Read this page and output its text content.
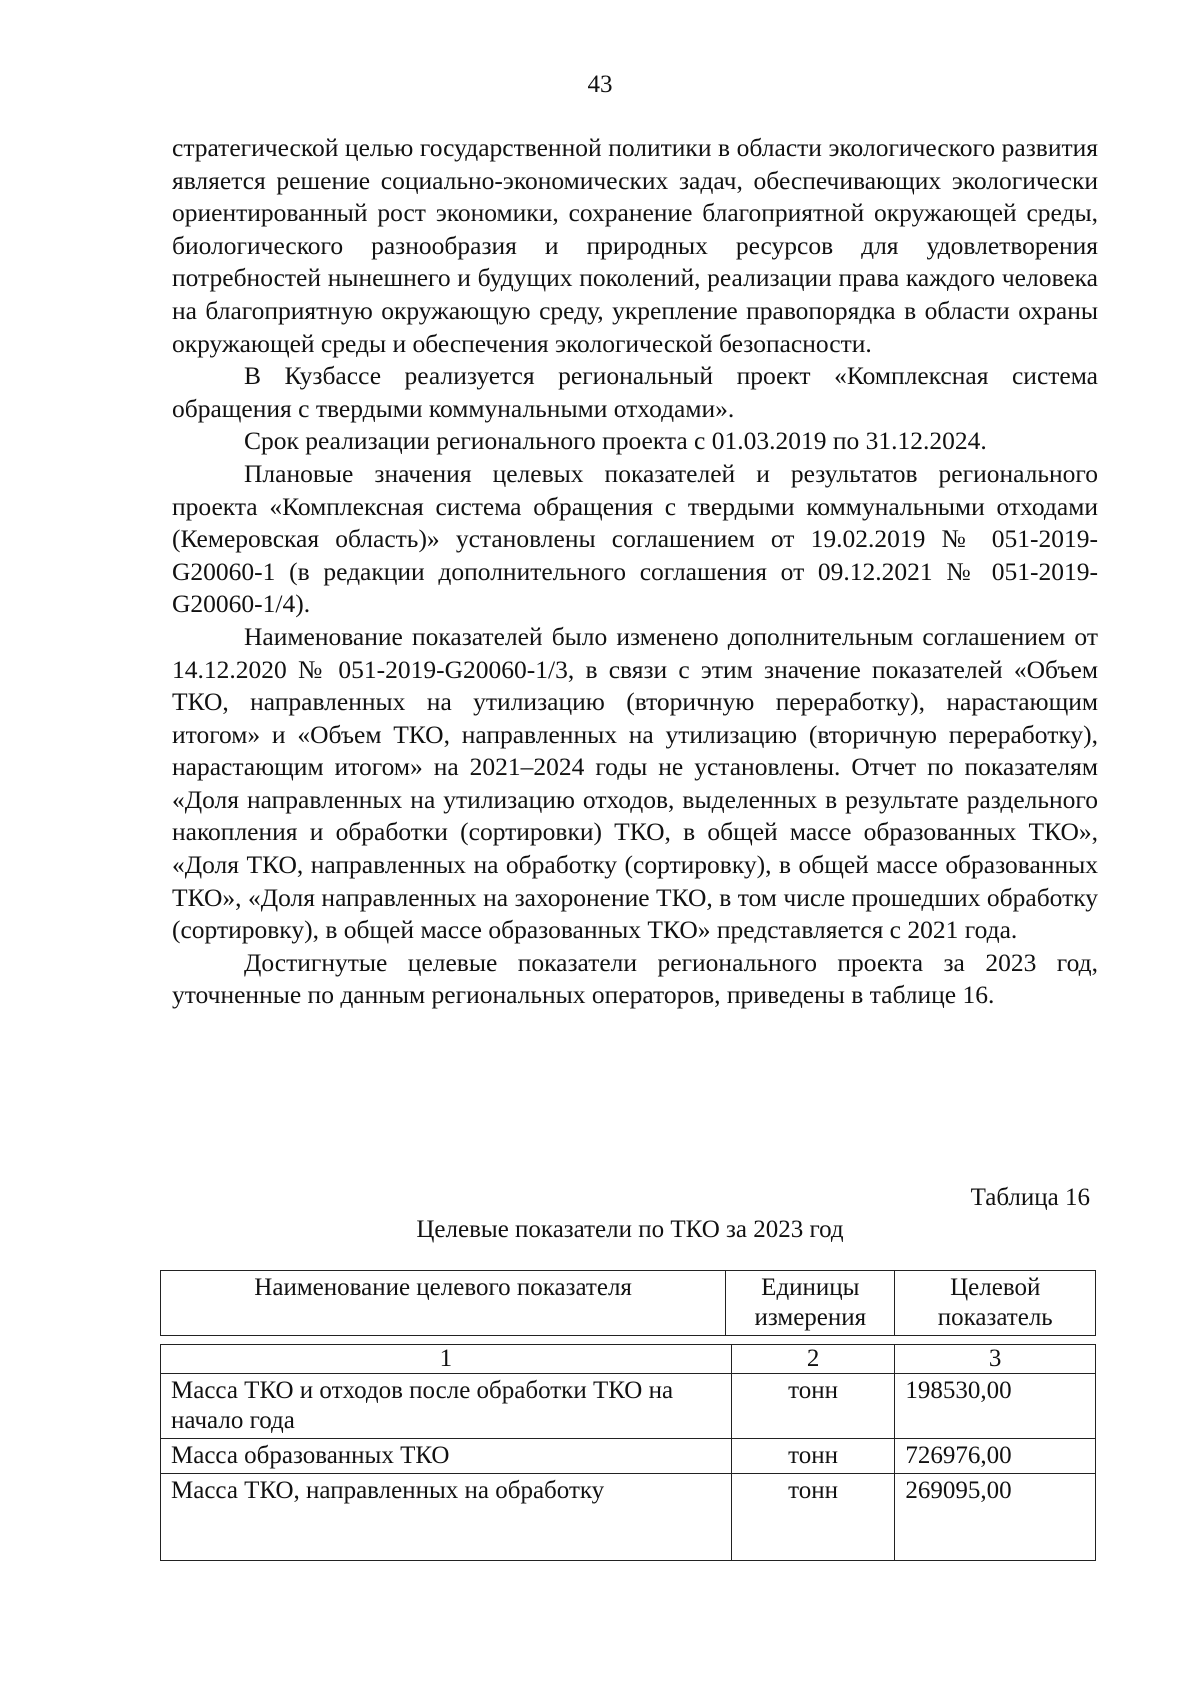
43

стратегической целью государственной политики в области экологического развития является решение социально-экономических задач, обеспечивающих экологически ориентированный рост экономики, сохранение благоприятной окружающей среды, биологического разнообразия и природных ресурсов для удовлетворения потребностей нынешнего и будущих поколений, реализации права каждого человека на благоприятную окружающую среду, укрепление правопорядка в области охраны окружающей среды и обеспечения экологической безопасности.

В Кузбассе реализуется региональный проект «Комплексная система обращения с твердыми коммунальными отходами».

Срок реализации регионального проекта с 01.03.2019 по 31.12.2024.

Плановые значения целевых показателей и результатов регионального проекта «Комплексная система обращения с твердыми коммунальными отходами (Кемеровская область)» установлены соглашением от 19.02.2019 № 051-2019-G20060-1 (в редакции дополнительного соглашения от 09.12.2021 № 051-2019-G20060-1/4).

Наименование показателей было изменено дополнительным соглашением от 14.12.2020 № 051-2019-G20060-1/3, в связи с этим значение показателей «Объем ТКО, направленных на утилизацию (вторичную переработку), нарастающим итогом» и «Объем ТКО, направленных на утилизацию (вторичную переработку), нарастающим итогом» на 2021–2024 годы не установлены. Отчет по показателям «Доля направленных на утилизацию отходов, выделенных в результате раздельного накопления и обработки (сортировки) ТКО, в общей массе образованных ТКО», «Доля ТКО, направленных на обработку (сортировку), в общей массе образованных ТКО», «Доля направленных на захоронение ТКО, в том числе прошедших обработку (сортировку), в общей массе образованных ТКО» представляется с 2021 года.

Достигнутые целевые показатели регионального проекта за 2023 год, уточненные по данным региональных операторов, приведены в таблице 16.

Таблица 16
Целевые показатели по ТКО за 2023 год
Наименование целевого показателя	Единицы измерения	Целевой показатель
1	2	3
Масса ТКО и отходов после обработки ТКО на начало года	тонн	198530,00
Масса образованных ТКО	тонн	726976,00
Масса ТКО, направленных на обработку	тонн	269095,00
